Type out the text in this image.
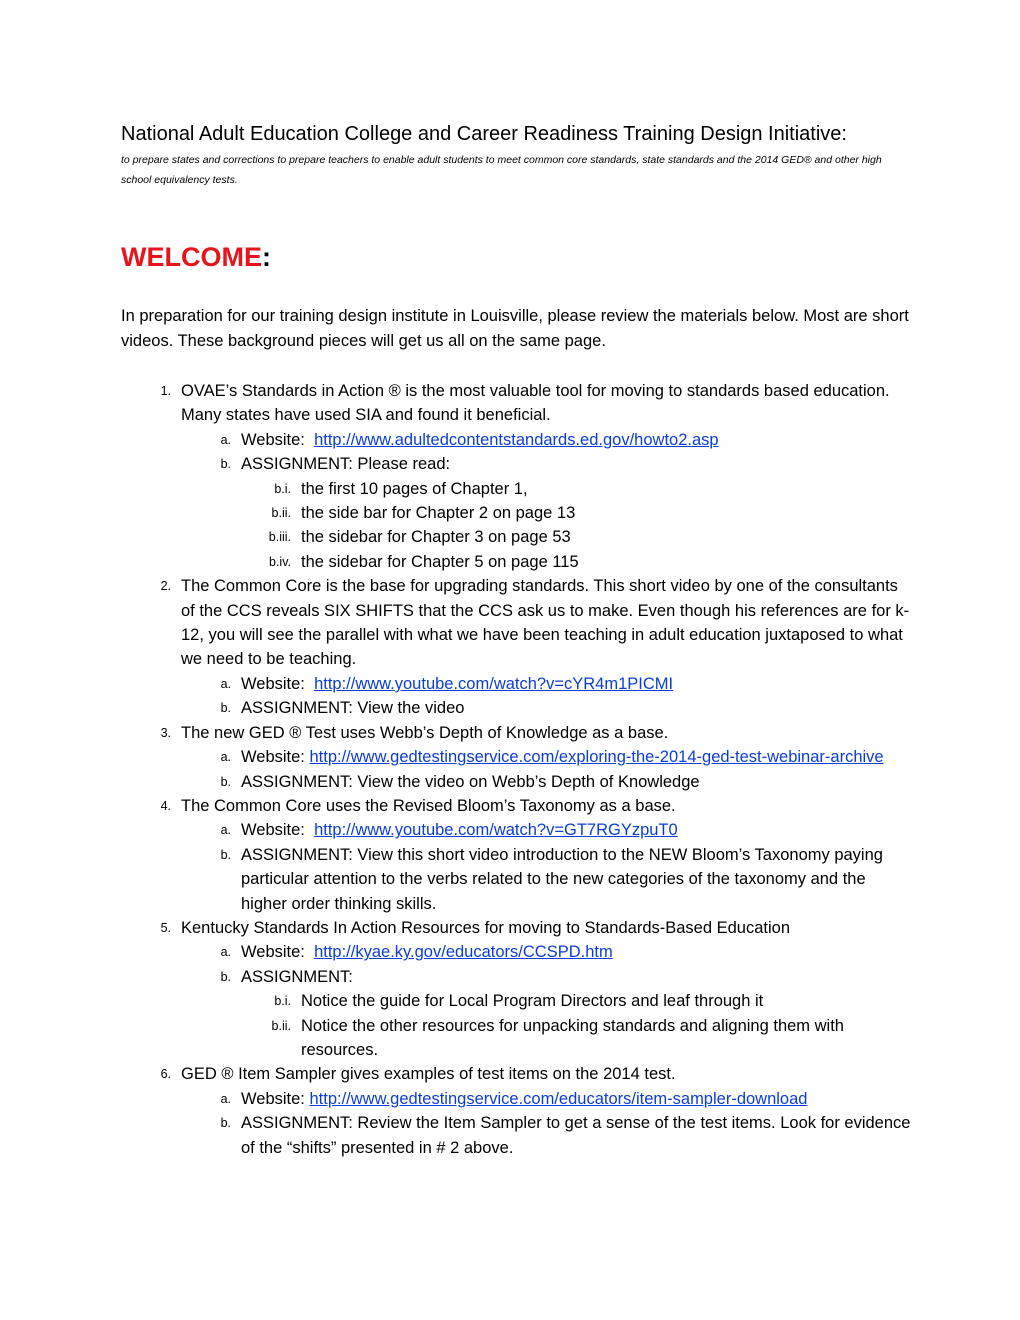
National Adult Education College and Career Readiness Training Design Initiative:

to prepare states and corrections to prepare teachers to enable adult students to meet common core standards, state standards and the 2014 GED® and other high school equivalency tests.

WELCOME:

In preparation for our training design institute in Louisville, please review the materials below. Most are short videos. These background pieces will get us all on the same page.

1. OVAE’s Standards in Action ® is the most valuable tool for moving to standards based education. Many states have used SIA and found it beneficial.
a. Website:  http://www.adultedcontentstandards.ed.gov/howto2.asp
b. ASSIGNMENT: Please read:
b.i. the first 10 pages of Chapter 1,
b.ii. the side bar for Chapter 2 on page 13
b.iii. the sidebar for Chapter 3 on page 53
b.iv. the sidebar for Chapter 5 on page 115
2. The Common Core is the base for upgrading standards. This short video by one of the consultants of the CCS reveals SIX SHIFTS that the CCS ask us to make. Even though his references are for k-12, you will see the parallel with what we have been teaching in adult education juxtaposed to what we need to be teaching.
a. Website:  http://www.youtube.com/watch?v=cYR4m1PICMI
b. ASSIGNMENT: View the video
3. The new GED ® Test uses Webb’s Depth of Knowledge as a base.
a. Website: http://www.gedtestingservice.com/exploring-the-2014-ged-test-webinar-archive
b. ASSIGNMENT: View the video on Webb’s Depth of Knowledge
4. The Common Core uses the Revised Bloom’s Taxonomy as a base.
a. Website:  http://www.youtube.com/watch?v=GT7RGYzpuT0
b. ASSIGNMENT: View this short video introduction to the NEW Bloom’s Taxonomy paying particular attention to the verbs related to the new categories of the taxonomy and the higher order thinking skills.
5. Kentucky Standards In Action Resources for moving to Standards-Based Education
a. Website:  http://kyae.ky.gov/educators/CCSPD.htm
b. ASSIGNMENT:
b.i. Notice the guide for Local Program Directors and leaf through it
b.ii. Notice the other resources for unpacking standards and aligning them with resources.
6. GED ® Item Sampler gives examples of test items on the 2014 test.
a. Website: http://www.gedtestingservice.com/educators/item-sampler-download
b. ASSIGNMENT: Review the Item Sampler to get a sense of the test items. Look for evidence of the “shifts” presented in # 2 above.
